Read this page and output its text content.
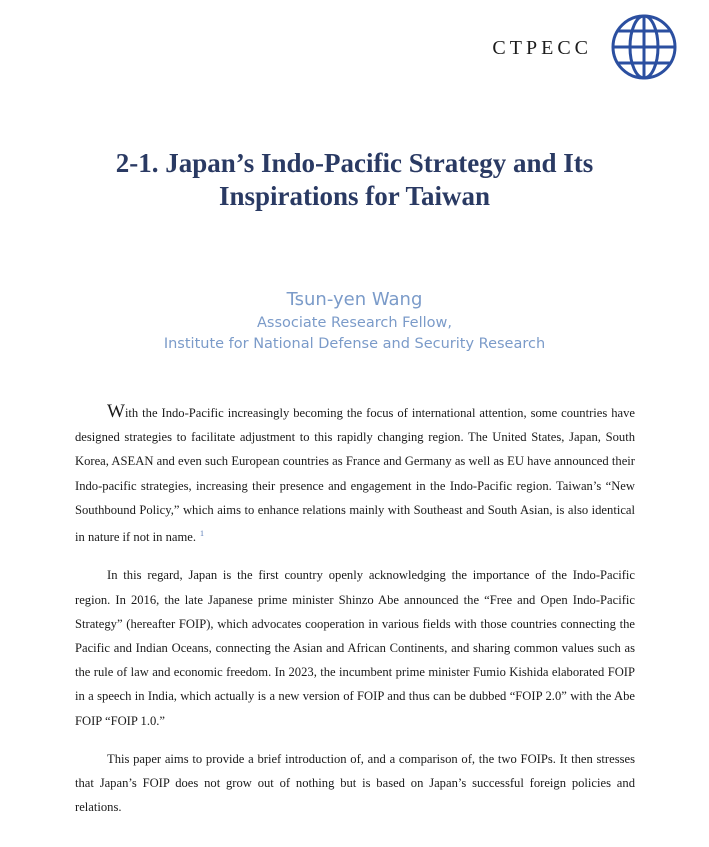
CTPECC
2-1. Japan’s Indo-Pacific Strategy and Its
Inspirations for Taiwan
Tsun-yen Wang
Associate Research Fellow,
Institute for National Defense and Security Research

With the Indo-Pacific increasingly becoming the focus of international attention, some countries have designed strategies to facilitate adjustment to this rapidly changing region. The United States, Japan, South Korea, ASEAN and even such European countries as France and Germany as well as EU have announced their Indo-pacific strategies, increasing their presence and engagement in the Indo-Pacific region. Taiwan’s “New Southbound Policy,” which aims to enhance relations mainly with Southeast and South Asian, is also identical in nature if not in name. $^1$

In this regard, Japan is the first country openly acknowledging the importance of the Indo-Pacific region. In 2016, the late Japanese prime minister Shinzo Abe announced the “Free and Open Indo-Pacific Strategy” (hereafter FOIP), which advocates cooperation in various fields with those countries connecting the Pacific and Indian Oceans, connecting the Asian and African Continents, and sharing common values such as the rule of law and economic freedom. In 2023, the incumbent prime minister Fumio Kishida elaborated FOIP in a speech in India, which actually is a new version of FOIP and thus can be dubbed “FOIP 2.0” with the Abe FOIP “FOIP 1.0.”

This paper aims to provide a brief introduction of, and a comparison of, the two FOIPs. It then stresses that Japan’s FOIP does not grow out of nothing but is based on Japan’s successful foreign policies and relations.
